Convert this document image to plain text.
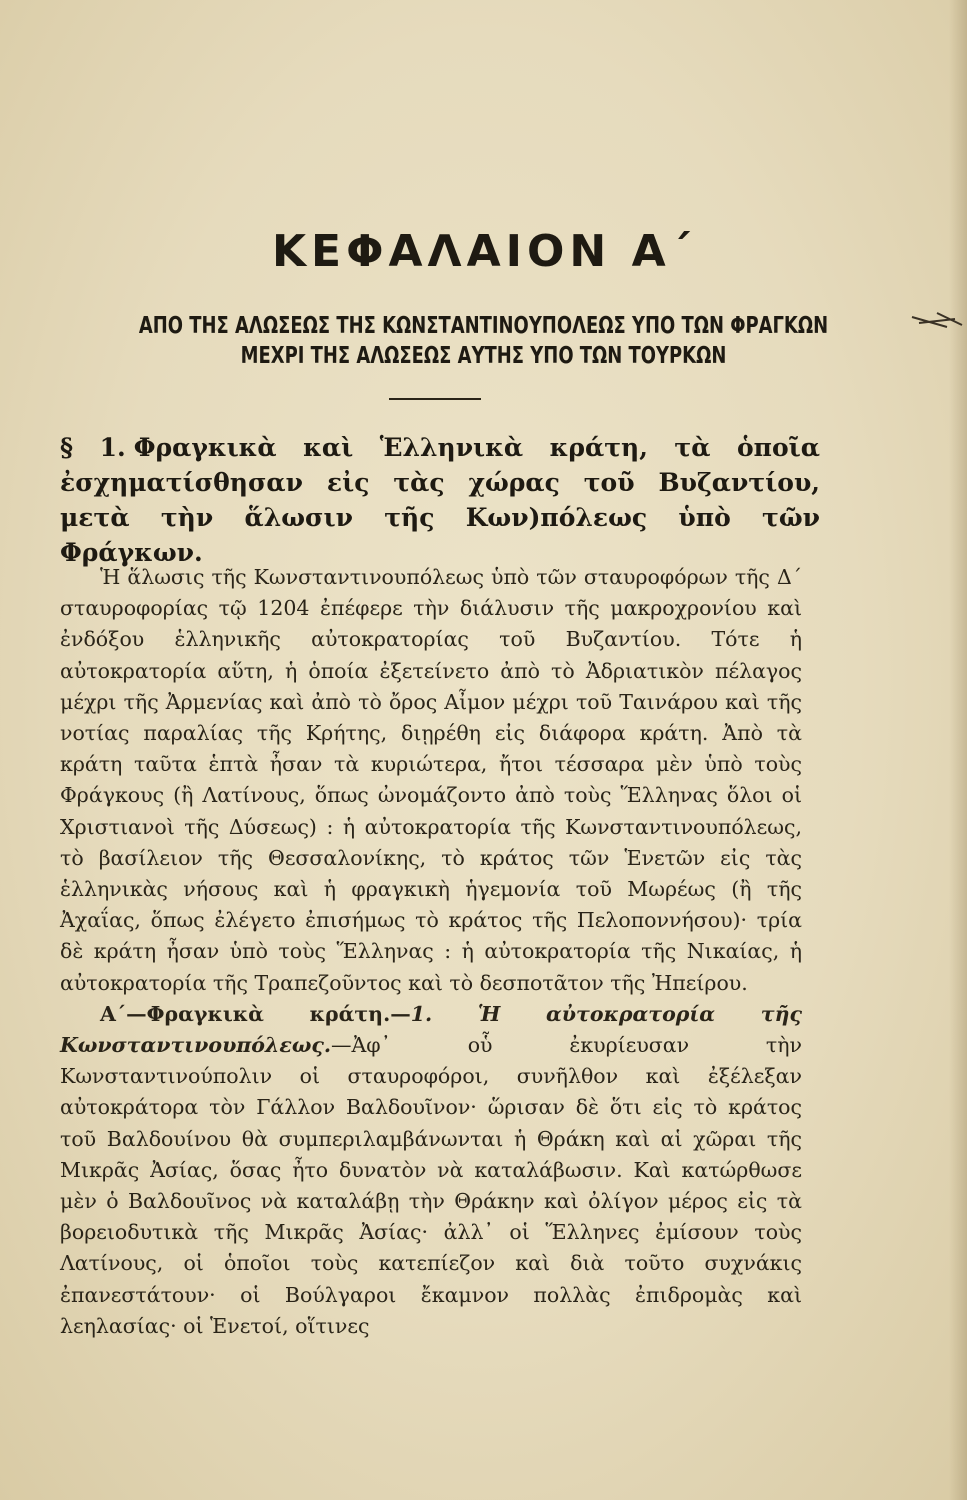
ΚΕΦΑΛΑΙΟΝ Α΄
ΑΠΟ ΤΗΣ ΑΛΩΣΕΩΣ ΤΗΣ ΚΩΝΣΤΑΝΤΙΝΟΥΠΟΛΕΩΣ ΥΠΟ ΤΩΝ ΦΡΑΓΚΩΝ
ΜΕΧΡΙ ΤΗΣ ΑΛΩΣΕΩΣ ΑΥΤΗΣ ΥΠΟ ΤΩΝ ΤΟΥΡΚΩΝ
§ 1. Φραγκικὰ καὶ Ἑλληνικὰ κράτη, τὰ ὁποῖα ἐσχηματίσθησαν εἰς τὰς χώρας τοῦ Βυζαντίου, μετὰ τὴν ἅλωσιν τῆς Κων)πόλεως ὑπὸ τῶν Φράγκων.

Ἡ ἅλωσις τῆς Κωνσταντινουπόλεως ὑπὸ τῶν σταυροφόρων τῆς Δ΄ σταυροφορίας τῷ 1204 ἐπέφερε τὴν διάλυσιν τῆς μακροχρονίου καὶ ἐνδόξου ἑλληνικῆς αὐτοκρατορίας τοῦ Βυζαντίου. Τότε ἡ αὐτοκρατορία αὕτη, ἡ ὁποία ἐξετείνετο ἀπὸ τὸ Ἀδριατικὸν πέλαγος μέχρι τῆς Ἀρμενίας καὶ ἀπὸ τὸ ὄρος Αἶμον μέχρι τοῦ Ταινάρου καὶ τῆς νοτίας παραλίας τῆς Κρήτης, διῃρέθη εἰς διάφορα κράτη. Ἀπὸ τὰ κράτη ταῦτα ἑπτὰ ἦσαν τὰ κυριώτερα, ἤτοι τέσσαρα μὲν ὑπὸ τοὺς Φράγκους (ἢ Λατίνους, ὅπως ὠνομάζοντο ἀπὸ τοὺς Ἕλληνας ὅλοι οἱ Χριστιανοὶ τῆς Δύσεως) : ἡ αὐτοκρατορία τῆς Κωνσταντινουπόλεως, τὸ βασίλειον τῆς Θεσσαλονίκης, τὸ κράτος τῶν Ἑνετῶν εἰς τὰς ἑλληνικὰς νήσους καὶ ἡ φραγκικὴ ἡγεμονία τοῦ Μωρέως (ἢ τῆς Ἀχαΐας, ὅπως ἐλέγετο ἐπισήμως τὸ κράτος τῆς Πελοποννήσου)· τρία δὲ κράτη ἦσαν ὑπὸ τοὺς Ἕλληνας : ἡ αὐτοκρατορία τῆς Νικαίας, ἡ αὐτοκρατορία τῆς Τραπεζοῦντος καὶ τὸ δεσποτᾶτον τῆς Ἠπείρου.

Α΄—Φραγκικὰ κράτη.—1. Ἡ αὐτοκρατορία τῆς Κωνσταντινουπόλεως.—Ἀφ᾽ οὗ ἐκυρίευσαν τὴν Κωνσταντινούπολιν οἱ σταυροφόροι, συνῆλθον καὶ ἐξέλεξαν αὐτοκράτορα τὸν Γάλλον Βαλδουῖνον· ὥρισαν δὲ ὅτι εἰς τὸ κράτος τοῦ Βαλδουίνου θὰ συμπεριλαμβάνωνται ἡ Θράκη καὶ αἱ χῶραι τῆς Μικρᾶς Ἀσίας, ὅσας ἦτο δυνατὸν νὰ καταλάβωσιν. Καὶ κατώρθωσε μὲν ὁ Βαλδουῖνος νὰ καταλάβῃ τὴν Θράκην καὶ ὀλίγον μέρος εἰς τὰ βορειοδυτικὰ τῆς Μικρᾶς Ἀσίας· ἀλλ᾽ οἱ Ἕλληνες ἐμίσουν τοὺς Λατίνους, οἱ ὁποῖοι τοὺς κατεπίεζον καὶ διὰ τοῦτο συχνάκις ἐπανεστάτουν· οἱ Βούλγαροι ἔκαμνον πολλὰς ἐπιδρομὰς καὶ λεηλασίας· οἱ Ἑνετοί, οἵτινες
